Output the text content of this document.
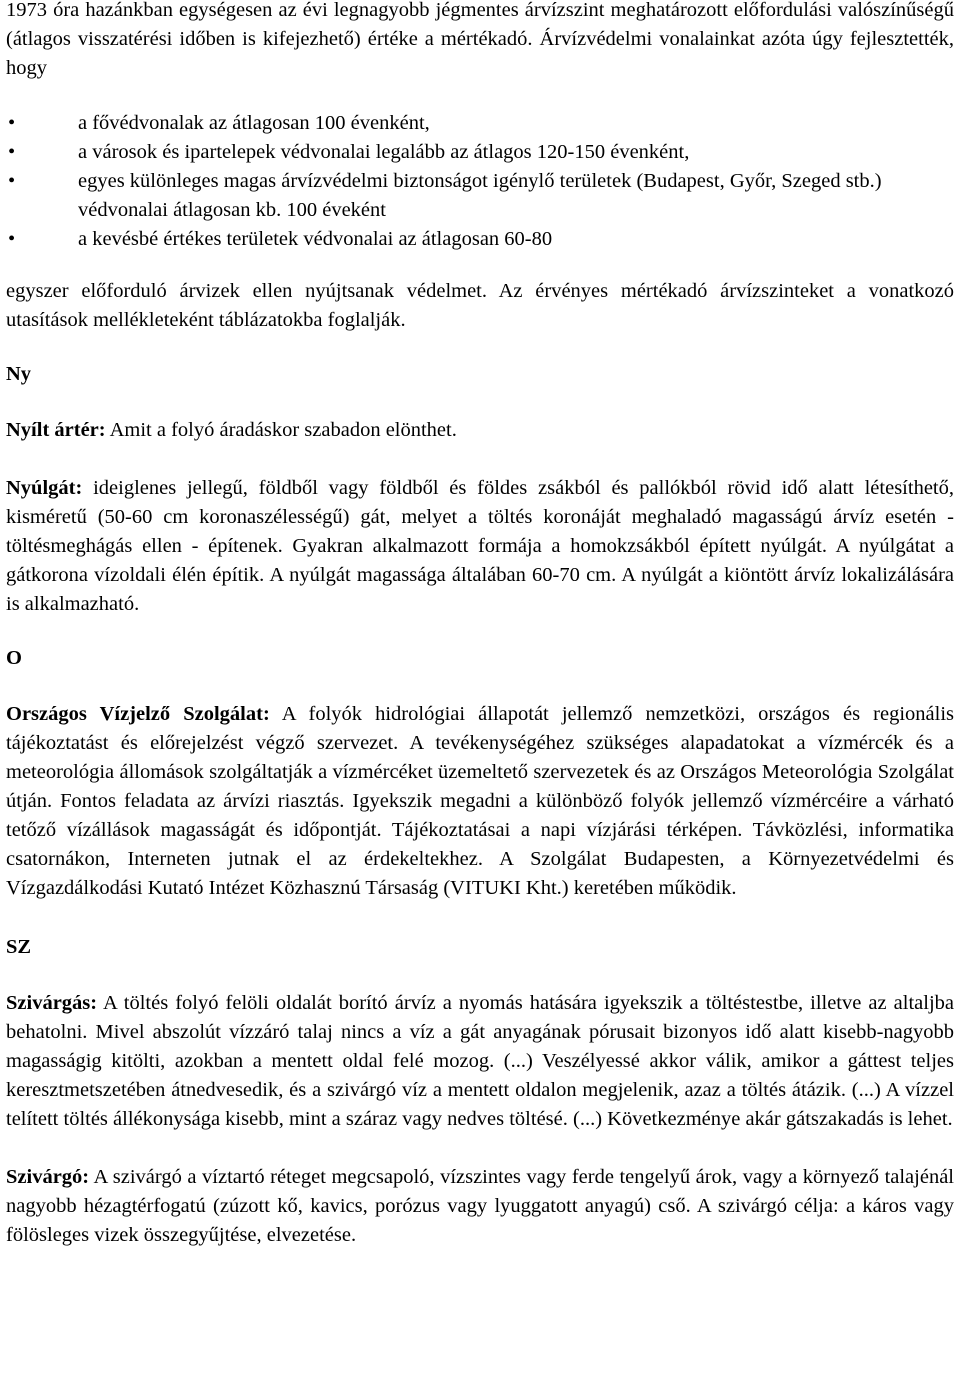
1973 óra hazánkban egységesen az évi legnagyobb jégmentes árvízszint meghatározott előfordulási valószínűségű (átlagos visszatérési időben is kifejezhető) értéke a mértékadó. Árvízvédelmi vonalainkat azóta úgy fejlesztették, hogy

•	a fővédvonalak az átlagosan 100 évenként,
•	a városok és ipartelepek védvonalai legalább az átlagos 120-150 évenként,
•	egyes különleges magas árvízvédelmi biztonságot igénylő területek (Budapest, Győr, Szeged stb.) védvonalai átlagosan kb. 100 éveként
•	a kevésbé értékes területek védvonalai az átlagosan 60-80

egyszer előforduló árvizek ellen nyújtsanak védelmet. Az érvényes mértékadó árvízszinteket a vonatkozó utasítások mellékleteként táblázatokba foglalják.

Ny

Nyílt ártér: Amit a folyó áradáskor szabadon elönthet.

Nyúlgát: ideiglenes jellegű, földből vagy földből és földes zsákból és pallókból rövid idő alatt létesíthető, kisméretű (50-60 cm koronaszélességű) gát, melyet a töltés koronáját meghaladó magasságú árvíz esetén - töltésmeghágás ellen - építenek. Gyakran alkalmazott formája a homokzsákból épített nyúlgát. A nyúlgátat a gátkorona vízoldali élén építik. A nyúlgát magassága általában 60-70 cm. A nyúlgát a kiöntött árvíz lokalizálására is alkalmazható.

O

Országos Vízjelző Szolgálat: A folyók hidrológiai állapotát jellemző nemzetközi, országos és regionális tájékoztatást és előrejelzést végző szervezet. A tevékenységéhez szükséges alapadatokat a vízmércék és a meteorológia állomások szolgáltatják a vízmércéket üzemeltető szervezetek és az Országos Meteorológia Szolgálat útján. Fontos feladata az árvízi riasztás. Igyekszik megadni a különböző folyók jellemző vízmércéire a várható tetőző vízállások magasságát és időpontját. Tájékoztatásai a napi vízjárási térképen. Távközlési, informatika csatornákon, Interneten jutnak el az érdekeltekhez. A Szolgálat Budapesten, a Környezetvédelmi és Vízgazdálkodási Kutató Intézet Közhasznú Társaság (VITUKI Kht.) keretében működik.

SZ

Szivárgás: A töltés folyó felöli oldalát borító árvíz a nyomás hatására igyekszik a töltéstestbe, illetve az altaljba behatolni. Mivel abszolút vízzáró talaj nincs a víz a gát anyagának pórusait bizonyos idő alatt kisebb-nagyobb magasságig kitölti, azokban a mentett oldal felé mozog. (...) Veszélyessé akkor válik, amikor a gáttest teljes keresztmetszetében átnedvesedik, és a szivárgó víz a mentett oldalon megjelenik, azaz a töltés átázik. (...) A vízzel telített töltés állékonysága kisebb, mint a száraz vagy nedves töltésé. (...) Következménye akár gátszakadás is lehet.

Szivárgó: A szivárgó a víztartó réteget megcsapoló, vízszintes vagy ferde tengelyű árok, vagy a környező talajénál nagyobb hézagtérfogatú (zúzott kő, kavics, porózus vagy lyuggatott anyagú) cső. A szivárgó célja: a káros vagy fölösleges vizek összegyűjtése, elvezetése.
